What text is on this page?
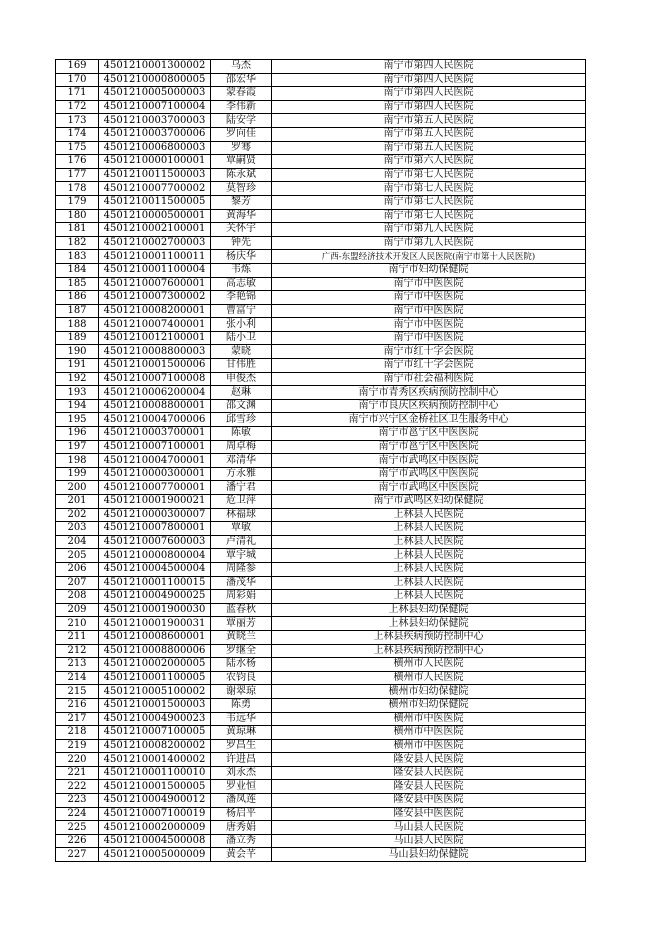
169	4501210001300002	乌杰	南宁市第四人民医院
170	4501210000800005	邵宏华	南宁市第四人民医院
171	4501210005000003	蒙春霞	南宁市第四人民医院
172	4501210007100004	李伟新	南宁市第四人民医院
173	4501210003700003	陆安学	南宁市第五人民医院
174	4501210003700006	罗向佳	南宁市第五人民医院
175	4501210006800003	罗骞	南宁市第五人民医院
176	4501210000100001	覃嗣贤	南宁市第六人民医院
177	4501210011500003	陈永斌	南宁市第七人民医院
178	4501210007700002	莫智珍	南宁市第七人民医院
179	4501210011500005	黎芳	南宁市第七人民医院
180	4501210000500001	黄海华	南宁市第七人民医院
181	4501210002100001	关怀宇	南宁市第九人民医院
182	4501210002700003	钟先	南宁市第九人民医院
183	4501210001100011	杨庆华	广西-东盟经济技术开发区人民医院(南宁市第十人民医院)
184	4501210001100004	韦炼	南宁市妇幼保健院
185	4501210007600001	高志敏	南宁市中医医院
186	4501210007300002	李艳锦	南宁市中医医院
187	4501210008200001	曹富宁	南宁市中医医院
188	4501210007400001	张小利	南宁市中医医院
189	4501210012100001	陆小卫	南宁市中医医院
190	4501210008800003	蒙晓	南宁市红十字会医院
191	4501210001500006	甘伟胜	南宁市红十字会医院
192	4501210007100008	申俊杰	南宁市社会福利医院
193	4501210006200004	赵琳	南宁市青秀区疾病预防控制中心
194	4501210008800001	邵文渊	南宁市良庆区疾病预防控制中心
195	4501210004700006	邱雪珍	南宁市兴宁区金桥社区卫生服务中心
196	4501210003700001	陈敏	南宁市邕宁区中医医院
197	4501210007100001	周卓梅	南宁市邕宁区中医医院
198	4501210004700001	邓清华	南宁市武鸣区中医医院
199	4501210000300001	方永雅	南宁市武鸣区中医医院
200	4501210007700001	潘宁君	南宁市武鸣区中医医院
201	4501210001900021	危卫萍	南宁市武鸣区妇幼保健院
202	4501210000300007	林福球	上林县人民医院
203	4501210007800001	覃敏	上林县人民医院
204	4501210007600003	卢清礼	上林县人民医院
205	4501210000800004	覃宇城	上林县人民医院
206	4501210004500004	周隆参	上林县人民医院
207	4501210001100015	潘茂华	上林县人民医院
208	4501210004900025	周彩娟	上林县人民医院
209	4501210001900030	蓝春秋	上林县妇幼保健院
210	4501210001900031	覃丽芳	上林县妇幼保健院
211	4501210008600001	黄晓兰	上林县疾病预防控制中心
212	4501210008800006	罗继全	上林县疾病预防控制中心
213	4501210002000005	陆水杨	横州市人民医院
214	4501210001100005	农钧良	横州市人民医院
215	4501210005100002	谢翠琼	横州市妇幼保健院
216	4501210001500003	陈勇	横州市妇幼保健院
217	4501210004900023	韦远华	横州市中医医院
218	4501210007100005	黄琼琳	横州市中医医院
219	4501210008200002	罗昌生	横州市中医医院
220	4501210001400002	许进昌	隆安县人民医院
221	4501210001100010	刘永杰	隆安县人民医院
222	4501210001500005	罗业恒	隆安县人民医院
223	4501210004900012	潘凤莲	隆安县中医医院
224	4501210007100019	杨启平	隆安县中医医院
225	4501210002000009	唐秀娟	马山县人民医院
226	4501210004500008	潘立秀	马山县人民医院
227	4501210005000009	黄会芊	马山县妇幼保健院
